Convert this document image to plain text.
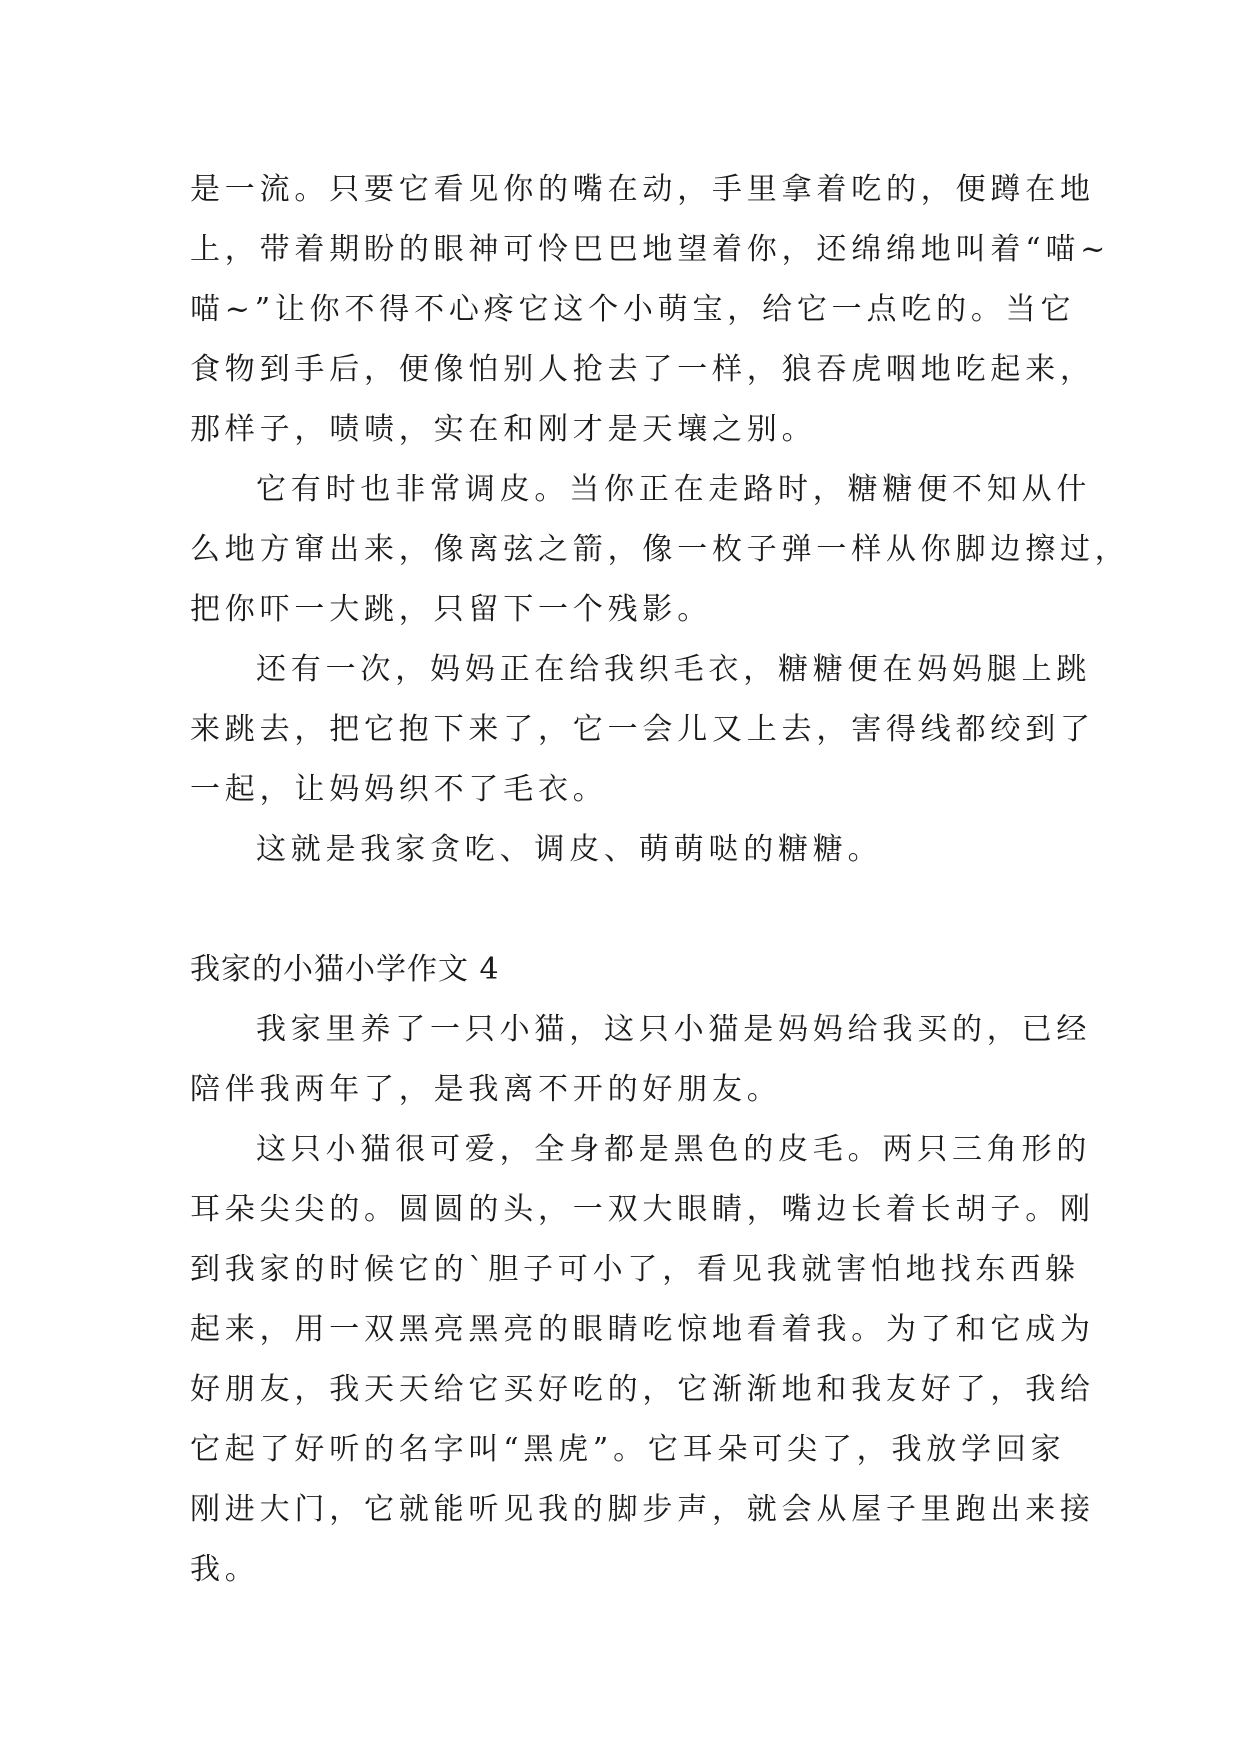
是一流。只要它看见你的嘴在动，手里拿着吃的，便蹲在地
上，带着期盼的眼神可怜巴巴地望着你，还绵绵地叫着“喵~
喵~”让你不得不心疼它这个小萌宝，给它一点吃的。当它
食物到手后，便像怕别人抢去了一样，狼吞虎咽地吃起来，
那样子，啧啧，实在和刚才是天壤之别。
它有时也非常调皮。当你正在走路时，糖糖便不知从什
么地方窜出来，像离弦之箭，像一枚子弹一样从你脚边擦过，
把你吓一大跳，只留下一个残影。
还有一次，妈妈正在给我织毛衣，糖糖便在妈妈腿上跳
来跳去，把它抱下来了，它一会儿又上去，害得线都绞到了
一起，让妈妈织不了毛衣。
这就是我家贪吃、调皮、萌萌哒的糖糖。
我家的小猫小学作文 4
我家里养了一只小猫，这只小猫是妈妈给我买的，已经
陪伴我两年了，是我离不开的好朋友。
这只小猫很可爱，全身都是黑色的皮毛。两只三角形的
耳朵尖尖的。圆圆的头，一双大眼睛，嘴边长着长胡子。刚
到我家的时候它的`胆子可小了，看见我就害怕地找东西躲
起来，用一双黑亮黑亮的眼睛吃惊地看着我。为了和它成为
好朋友，我天天给它买好吃的，它渐渐地和我友好了，我给
它起了好听的名字叫“黑虎”。它耳朵可尖了，我放学回家
刚进大门，它就能听见我的脚步声，就会从屋子里跑出来接
我。
